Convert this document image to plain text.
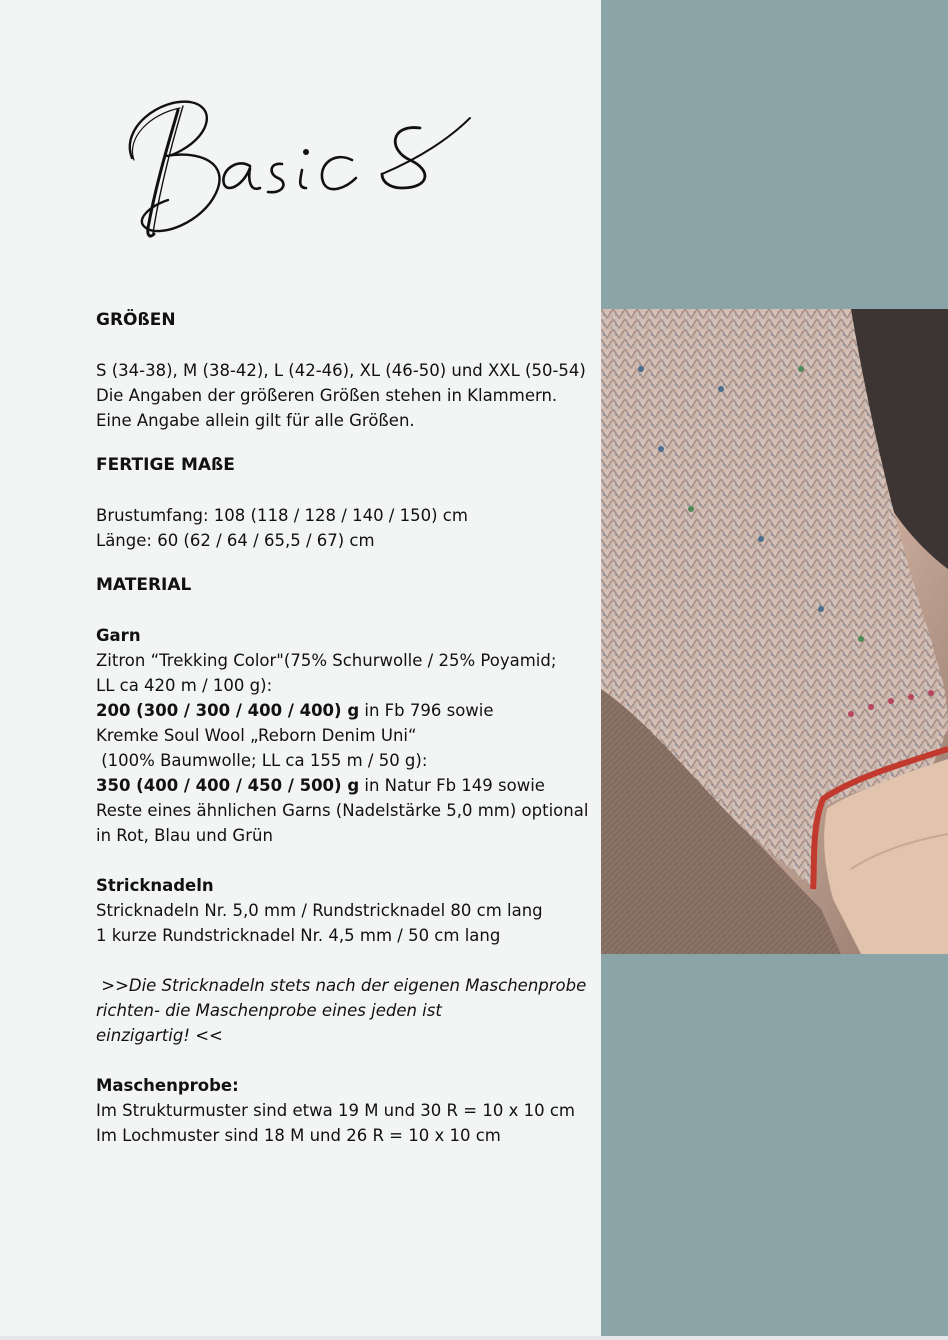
GRÖßEN

S (34-38), M (38-42), L (42-46), XL (46-50) und XXL (50-54)

Die Angaben der größeren Größen stehen in Klammern.

Eine Angabe allein gilt für alle Größen.

FERTIGE MAßE

Brustumfang: 108 (118 / 128 / 140 / 150) cm

Länge: 60 (62 / 64 / 65,5 / 67) cm

MATERIAL

Garn

Zitron “Trekking Color"(75% Schurwolle / 25% Poyamid;

LL ca 420 m / 100 g):

200 (300 / 300 / 400 / 400) g in Fb 796 sowie

Kremke Soul Wool „Reborn Denim Uni“

(100% Baumwolle; LL ca 155 m / 50 g):

350 (400 / 400 / 450 / 500) g in Natur Fb 149 sowie

Reste eines ähnlichen Garns (Nadelstärke 5,0 mm) optional

in Rot, Blau und Grün

Stricknadeln

Stricknadeln Nr. 5,0 mm / Rundstricknadel 80 cm lang

1 kurze Rundstricknadel Nr. 4,5 mm / 50 cm lang

>>Die Stricknadeln stets nach der eigenen Maschenprobe

richten- die Maschenprobe eines jeden ist

einzigartig! <<

Maschenprobe:

Im Strukturmuster sind etwa 19 M und 30 R = 10 x 10 cm

Im Lochmuster sind 18 M und 26 R = 10 x 10 cm
